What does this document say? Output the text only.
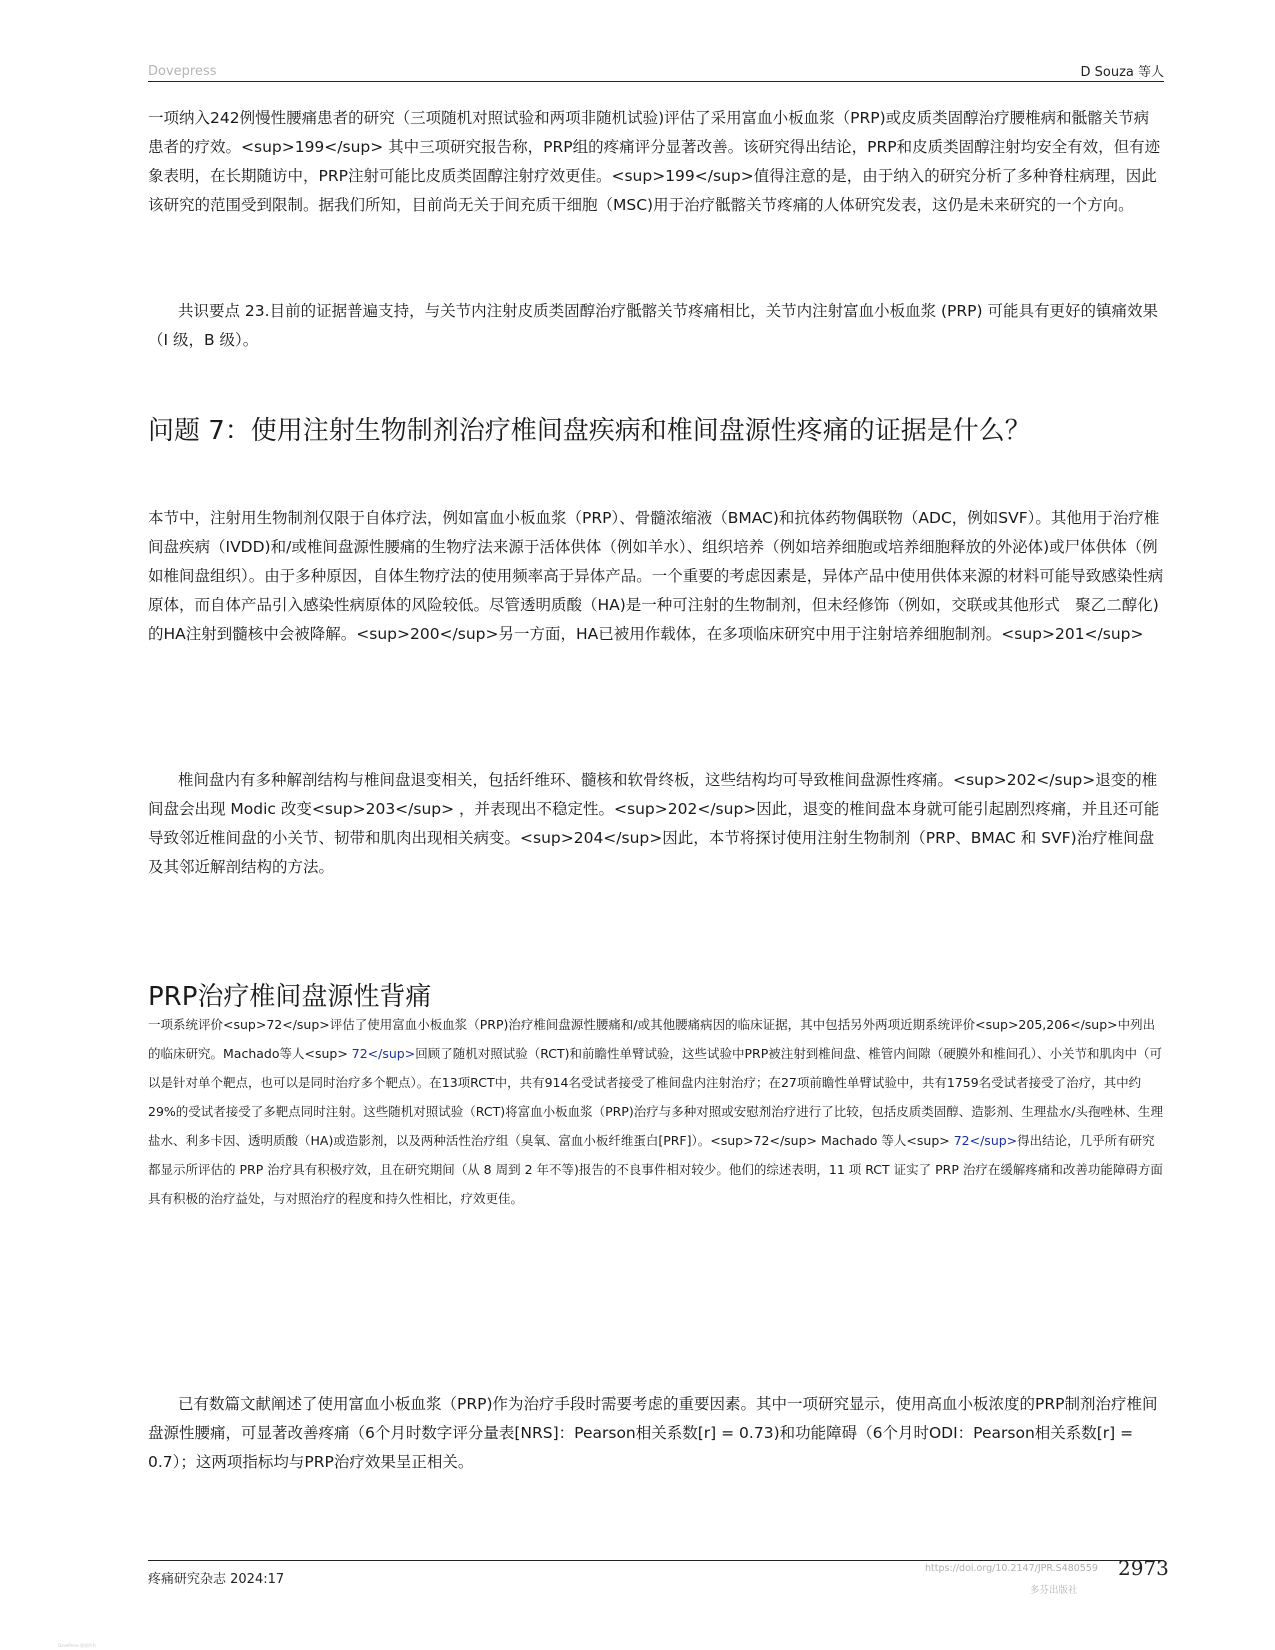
Dovepress	D Souza 等人

一项纳入242例慢性腰痛患者的研究（三项随机对照试验和两项非随机试验)评估了采用富血小板血浆（PRP)或皮质类固醇治疗腰椎病和骶髂关节病患者的疗效。<sup>199</sup> 其中三项研究报告称，PRP组的疼痛评分显著改善。该研究得出结论，PRP和皮质类固醇注射均安全有效，但有迹象表明，在长期随访中，PRP注射可能比皮质类固醇注射疗效更佳。<sup>199</sup>值得注意的是，由于纳入的研究分析了多种脊柱病理，因此该研究的范围受到限制。据我们所知，目前尚无关于间充质干细胞（MSC)用于治疗骶髂关节疼痛的人体研究发表，这仍是未来研究的一个方向。

共识要点 23.目前的证据普遍支持，与关节内注射皮质类固醇治疗骶髂关节疼痛相比，关节内注射富血小板血浆 (PRP) 可能具有更好的镇痛效果（I 级，B 级）。

问题 7：使用注射生物制剂治疗椎间盘疾病和椎间盘源性疼痛的证据是什么？

本节中，注射用生物制剂仅限于自体疗法，例如富血小板血浆（PRP）、骨髓浓缩液（BMAC)和抗体药物偶联物（ADC，例如SVF）。其他用于治疗椎间盘疾病（IVDD)和/或椎间盘源性腰痛的生物疗法来源于活体供体（例如羊水）、组织培养（例如培养细胞或培养细胞释放的外泌体)或尸体供体（例如椎间盘组织）。由于多种原因，自体生物疗法的使用频率高于异体产品。一个重要的考虑因素是，异体产品中使用供体来源的材料可能导致感染性病原体，而自体产品引入感染性病原体的风险较低。尽管透明质酸（HA)是一种可注射的生物制剂，但未经修饰（例如，交联或其他形式　聚乙二醇化)的HA注射到髓核中会被降解。<sup>200</sup>另一方面，HA已被用作载体，在多项临床研究中用于注射培养细胞制剂。<sup>201</sup>

椎间盘内有多种解剖结构与椎间盘退变相关，包括纤维环、髓核和软骨终板，这些结构均可导致椎间盘源性疼痛。<sup>202</sup>退变的椎间盘会出现 Modic 改变<sup>203</sup> ，并表现出不稳定性。<sup>202</sup>因此，退变的椎间盘本身就可能引起剧烈疼痛，并且还可能导致邻近椎间盘的小关节、韧带和肌肉出现相关病变。<sup>204</sup>因此，本节将探讨使用注射生物制剂（PRP、BMAC 和 SVF)治疗椎间盘及其邻近解剖结构的方法。

PRP治疗椎间盘源性背痛

一项系统评价<sup>72</sup>评估了使用富血小板血浆（PRP)治疗椎间盘源性腰痛和/或其他腰痛病因的临床证据，其中包括另外两项近期系统评价<sup>205,206</sup>中列出的临床研究。Machado等人<sup> 72</sup>回顾了随机对照试验（RCT)和前瞻性单臂试验，这些试验中PRP被注射到椎间盘、椎管内间隙（硬膜外和椎间孔）、小关节和肌肉中（可以是针对单个靶点，也可以是同时治疗多个靶点）。在13项RCT中，共有914名受试者接受了椎间盘内注射治疗；在27项前瞻性单臂试验中，共有1759名受试者接受了治疗，其中约29%的受试者接受了多靶点同时注射。这些随机对照试验（RCT)将富血小板血浆（PRP)治疗与多种对照或安慰剂治疗进行了比较，包括皮质类固醇、造影剂、生理盐水/头孢唑林、生理盐水、利多卡因、透明质酸（HA)或造影剂，以及两种活性治疗组（臭氧、富血小板纤维蛋白[PRF]）。<sup>72</sup> Machado 等人<sup> 72</sup>得出结论，几乎所有研究都显示所评估的 PRP 治疗具有积极疗效，且在研究期间（从 8 周到 2 年不等)报告的不良事件相对较少。他们的综述表明，11 项 RCT 证实了 PRP 治疗在缓解疼痛和改善功能障碍方面具有积极的治疗益处，与对照治疗的程度和持久性相比，疗效更佳。

已有数篇文献阐述了使用富血小板血浆（PRP)作为治疗手段时需要考虑的重要因素。其中一项研究显示，使用高血小板浓度的PRP制剂治疗椎间盘源性腰痛，可显著改善疼痛（6个月时数字评分量表[NRS]：Pearson相关系数[r] = 0.73)和功能障碍（6个月时ODI：Pearson相关系数[r] = 0.7）；这两项指标均与PRP治疗效果呈正相关。

疼痛研究杂志 2024:17
https://doi.org/10.2147/JPR.S480559 2973
多芬出版社
DovePress 版权所有
